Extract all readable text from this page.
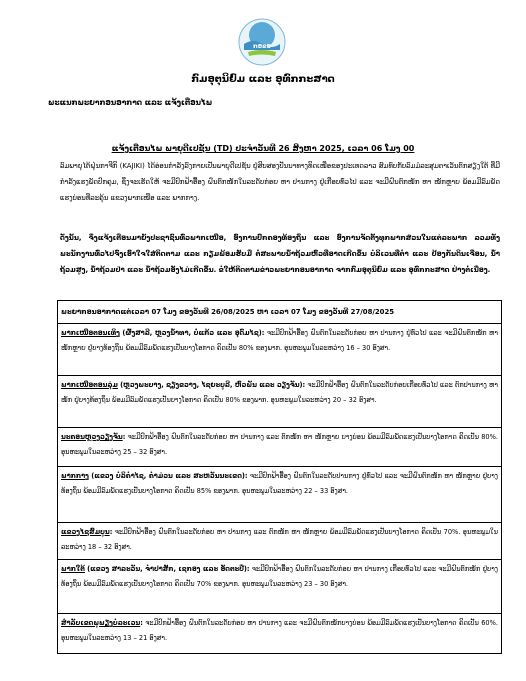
ກອຂອ
ກົມອຸຕຸນິຍົມ ແລະ ອຸທົກກະສາດ
ພະແນກພະຍາກອນອາກາດ ແລະ ແຈ້ງເຕືອນໄພ
ແຈ້ງເຕືອນໄພ ພາຍຸດີເປຊັນ (TD) ປະຈໍາວັນທີ 26 ສິງຫາ 2025, ເວລາ 06 ໂມງ 00
ລົມພາຍຸໄຕ້ຝຸ່ນກາຈີກິ (KAJIKI) ໄດ້ອ່ອນກໍາລັງລົງກາຍເປັນພາຍຸດີເປຊັນ ຢູ່ສິບສອງປັນນາທາງທິດເໜືອຂອງປະເທດລາວ ສົມທົບກັບລົມມໍລະສຸມຕາເວັນຕົກສຽງໃຕ້ ທີ່ມີກໍາລັງແຮງພັດປົກຄຸມ, ຊຶ່ງຈະເຮັດໃຫ້ ຈະມີປົກຟ້າອື້ອງ ຝົນຕົກໜັກໃນລະດັບກ່ອຍ ຫາ ປານກາງ ຢູ່ເກືອບທົ່ວໄປ ແລະ ຈະມີຝົນຕົກໜັກ ຫາ ໜັກຫຼາຍ ພ້ອມມີລົມພັດແຮງບ່ອນທີ່ລະຄຸ້ນ ແຂວງພາກເໜືອ ແລະ ພາກກາງ.
ດັ່ງນັ້ນ, ຈຶ່ງແຈ້ງເຕືອນມາຍັງປະຊາຊົນທົ່ວພາກເໜືອ, ອົງການປົກຄອງທ້ອງຖິ່ນ ແລະ ອົງການຈັດຕັ້ງທຸກພາກສ່ວນໃນແຕ່ລະພາກ ລວມທັງພະນັກງານທົ່ວໄປຈົ່ງເອົາໃຈໃສ່ຕິດຕາມ ແລະ ກຽມພ້ອມຮັບມື ຕໍ່ສະພາບນໍ້າຖ້ວມຫົວທີ່ອາດເກີດຂຶ້ນ ບໍລິເວນທີ່ຕໍ່າ ແລະ ປ້ອງກັນດິນເຈື່ອນ, ນໍ້າຖ້ວມສູງ, ນໍ້າຖ້ວມປ່າ ແລະ ນໍ້າຖ້ວມອັງໄມ່ເກີດຂຶ້ນ. ຂໍໃຫ້ຕິດຕາມຂ່າວພະຍາກອນອາກາດ ຈາກກົມອຸຕຸນິຍົມ ແລະ ອຸທົກກະສາດ ຢ່າງຕໍ່ເນື່ອງ.
ພະຍາກອນອາກາດແຕ່ເວລາ 07 ໂມງ ຂອງວັນທີ 26/08/2025 ຫາ ເວລາ 07 ໂມງ ຂອງວັນທີ 27/08/2025
ພາກເໜືອຕອນເທິງ (ຜົ້ງສາລີ, ຫຼວງນໍ້າທາ, ບໍ່ແກ້ວ ແລະ ອຸດົມໄຊ): ຈະມີປົກຟ້າອື້ອງ ຝົນຕົກໃນລະດັບກ່ອຍ ຫາ ປານກາງ ຢູ່ທົ່ວໄປ ແລະ ຈະມີຝົນຕົກໜັກ ຫາ ໜັກຫຼາຍ ຢູ່ບາງທ້ອງຖິ່ນ ພ້ອມມີລົມພັດແຮງເປັນບາງໂອກາດ ຄິດເປັນ 80% ຂອງພາກ. ອຸນຫະພູມໃນລະຫວ່າງ 16 – 30 ອົງສາ.
ພາກເໜືອຕອນລຸ່ມ (ຫຼວງພະບາງ, ຊຽງຂວາງ, ໄຊຍະບູລີ, ຫົວພັນ ແລະ ວຽງຈັນ): ຈະມີປົກຟ້າອື້ອງ ຝົນຕົກໃນລະດັບກ່ອຍເກືອບທົ່ວໄປ ແລະ ຕົກປານກາງ ຫາ ໜັກ ຢູ່ບາງທ້ອງຖິ່ນ ພ້ອມມີລົມພັດແຮງເປັນບາງໂອກາດ ຄິດເປັນ 80% ຂອງພາກ. ອຸນຫະພູມໃນລະຫວ່າງ 20 – 32 ອົງສາ.
ນະຄອນຫຼວງວຽງຈັນ: ຈະມີປົກຟ້າອື້ອງ ຝົນຕົກໃນລະດັບກ່ອຍ ຫາ ປານກາງ ແລະ ຕົກໜັກ ຫາ ໜັກຫຼາຍ ບາງບ່ອນ ພ້ອມມີລົມພັດແຮງເປັນບາງໂອກາດ ຄິດເປັນ 80%. ອຸນຫະພູມໃນລະຫວ່າງ 25 – 32 ອົງສາ.
ພາກກາງ (ແຂວງ ບໍລິຄໍາໄຊ, ຄໍາມ່ວນ ແລະ ສະຫວັນນະເຂດ): ຈະມີປົກຟ້າອື້ອງ ຝົນຕົກໃນລະດັບປານກາງ ຢູ່ທົ່ວໄປ ແລະ ຈະມີຝົນຕົກໜັກ ຫາ ໜັກຫຼາຍ ຢູ່ບາງທ້ອງຖິ່ນ ພ້ອມມີລົມພັດແຮງເປັນບາງໂອກາດ ຄິດເປັນ 85% ຂອງພາກ. ອຸນຫະພູມໃນລະຫວ່າງ 22 – 33 ອົງສາ.
ແຂວງໄຊສົມບູນ: ຈະມີປົກຟ້າອື້ອງ ຝົນຕົກໃນລະດັບກ່ອຍ ຫາ ປານກາງ ແລະ ຕົກໜັກ ຫາ ໜັກຫຼາຍ ພ້ອມມີລົມພັດແຮງເປັນບາງໂອກາດ ຄິດເປັນ 70%. ອຸນຫະພູມໃນລະຫວ່າງ 18 – 32 ອົງສາ.
ພາກໃຕ້ (ແຂວງ ສາລະວັນ, ຈໍາປາສັກ, ເຊກອງ ແລະ ອັດຕະປື): ຈະມີປົກຟ້າອື້ອງ ຝົນຕົກໃນລະດັບກ່ອຍ ຫາ ປານກາງ ເກືອບທົ່ວໄປ ແລະ ຈະມີຝົນຕົກໜັກ ຢູ່ບາງທ້ອງຖິ່ນ ພ້ອມມີລົມພັດແຮງເປັນບາງໂອກາດ ຄິດເປັນ 70% ຂອງພາກ. ອຸນຫະພູມໃນລະຫວ່າງ 23 – 30 ອົງສາ.
ສໍາລັບເຂດພູພຽງບໍລະເວນ: ຈະມີປົກຟ້າອື້ອງ ຝົນຕົກໃນລະດັບກ່ອຍ ຫາ ປານກາງ ແລະ ຈະມີຝົນຕົກໜັກບາງບ່ອນ ພ້ອມມີລົມພັດແຮງເປັນບາງໂອກາດ ຄິດເປັນ 60%. ອຸນຫະພູມໃນລະຫວ່າງ 13 – 21 ອົງສາ.
